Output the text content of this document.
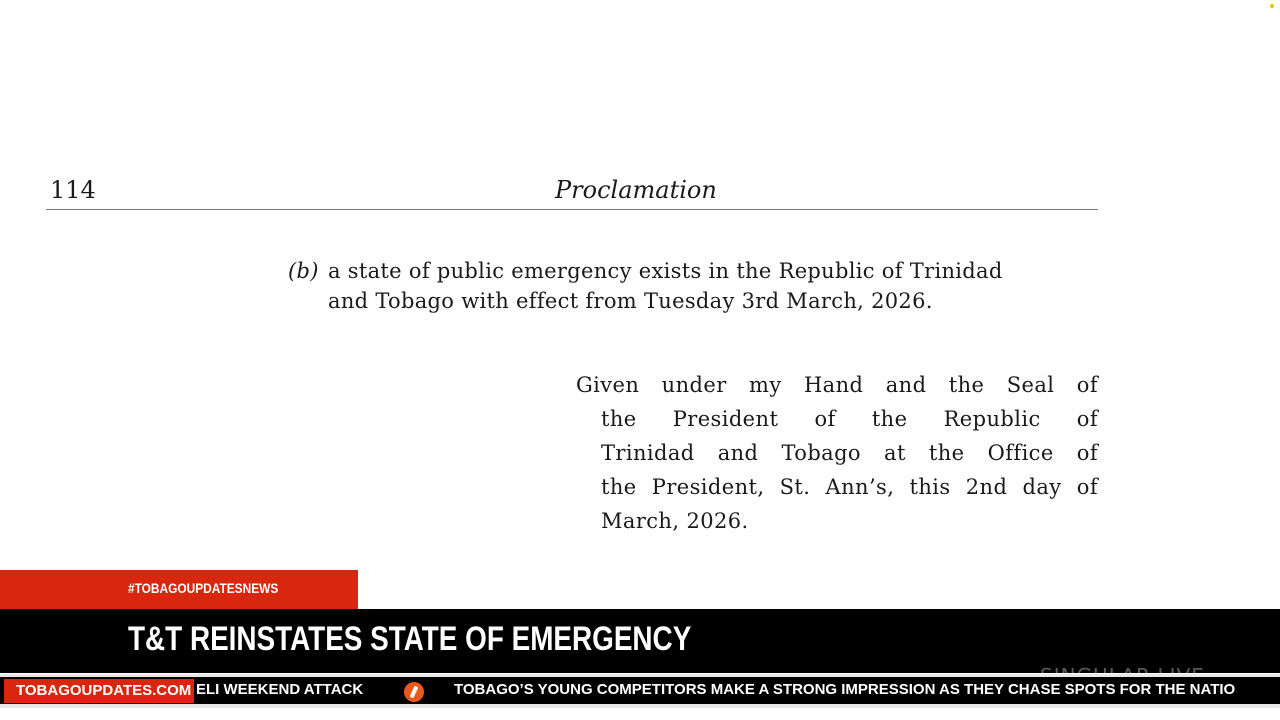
114	Proclamation
(b) a state of public emergency exists in the Republic of Trinidad
and Tobago with effect from Tuesday 3rd March, 2026.
Given under my Hand and the Seal of
the President of the Republic of
Trinidad and Tobago at the Office of
the President, St. Ann’s, this 2nd day of
March, 2026.
#TOBAGOUPDATESNEWS
T&T REINSTATES STATE OF EMERGENCY
TOBAGOUPDATES.COM ELI WEEKEND ATTACK	TOBAGO’S YOUNG COMPETITORS MAKE A STRONG IMPRESSION AS THEY CHASE SPOTS FOR THE NATIO
